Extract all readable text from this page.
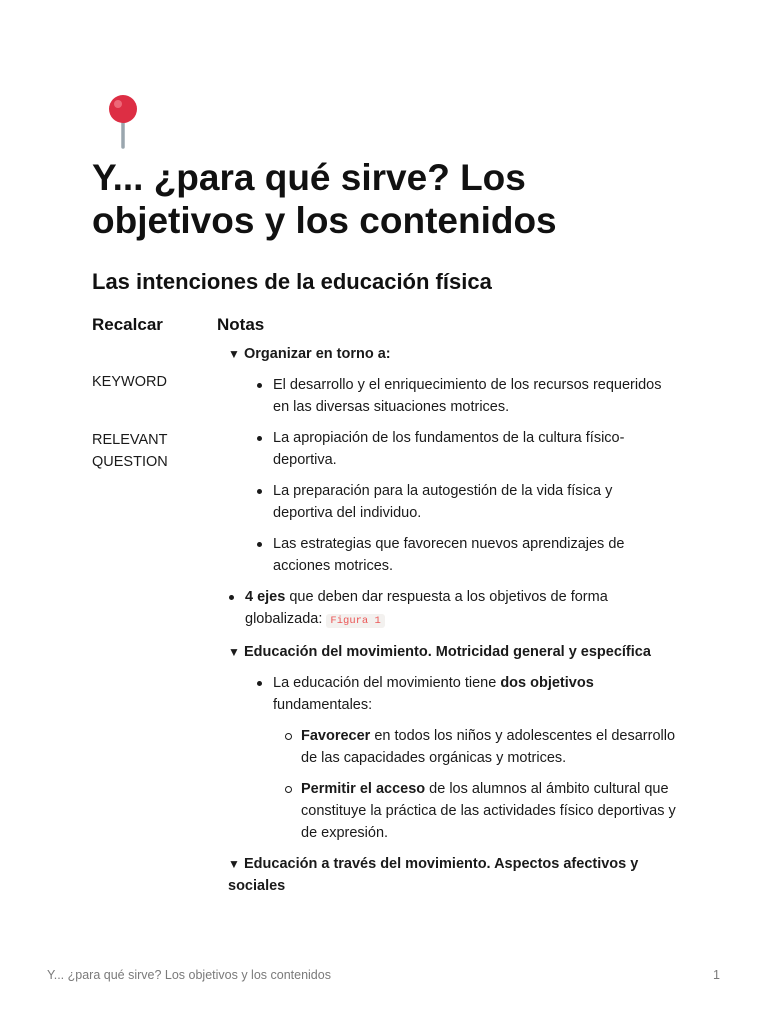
Y... ¿para qué sirve? Los objetivos y los contenidos
Las intenciones de la educación física
Recalcar	Notas
KEYWORD
RELEVANT QUESTION
▼ Organizar en torno a:
El desarrollo y el enriquecimiento de los recursos requeridos en las diversas situaciones motrices.
La apropiación de los fundamentos de la cultura físico-deportiva.
La preparación para la autogestión de la vida física y deportiva del individuo.
Las estrategias que favorecen nuevos aprendizajes de acciones motrices.
4 ejes que deben dar respuesta a los objetivos de forma globalizada: Figura 1
▼ Educación del movimiento. Motricidad general y específica
La educación del movimiento tiene dos objetivos fundamentales:
Favorecer en todos los niños y adolescentes el desarrollo de las capacidades orgánicas y motrices.
Permitir el acceso de los alumnos al ámbito cultural que constituye la práctica de las actividades físico deportivas y de expresión.
▼ Educación a través del movimiento. Aspectos afectivos y sociales
Y... ¿para qué sirve? Los objetivos y los contenidos	1
